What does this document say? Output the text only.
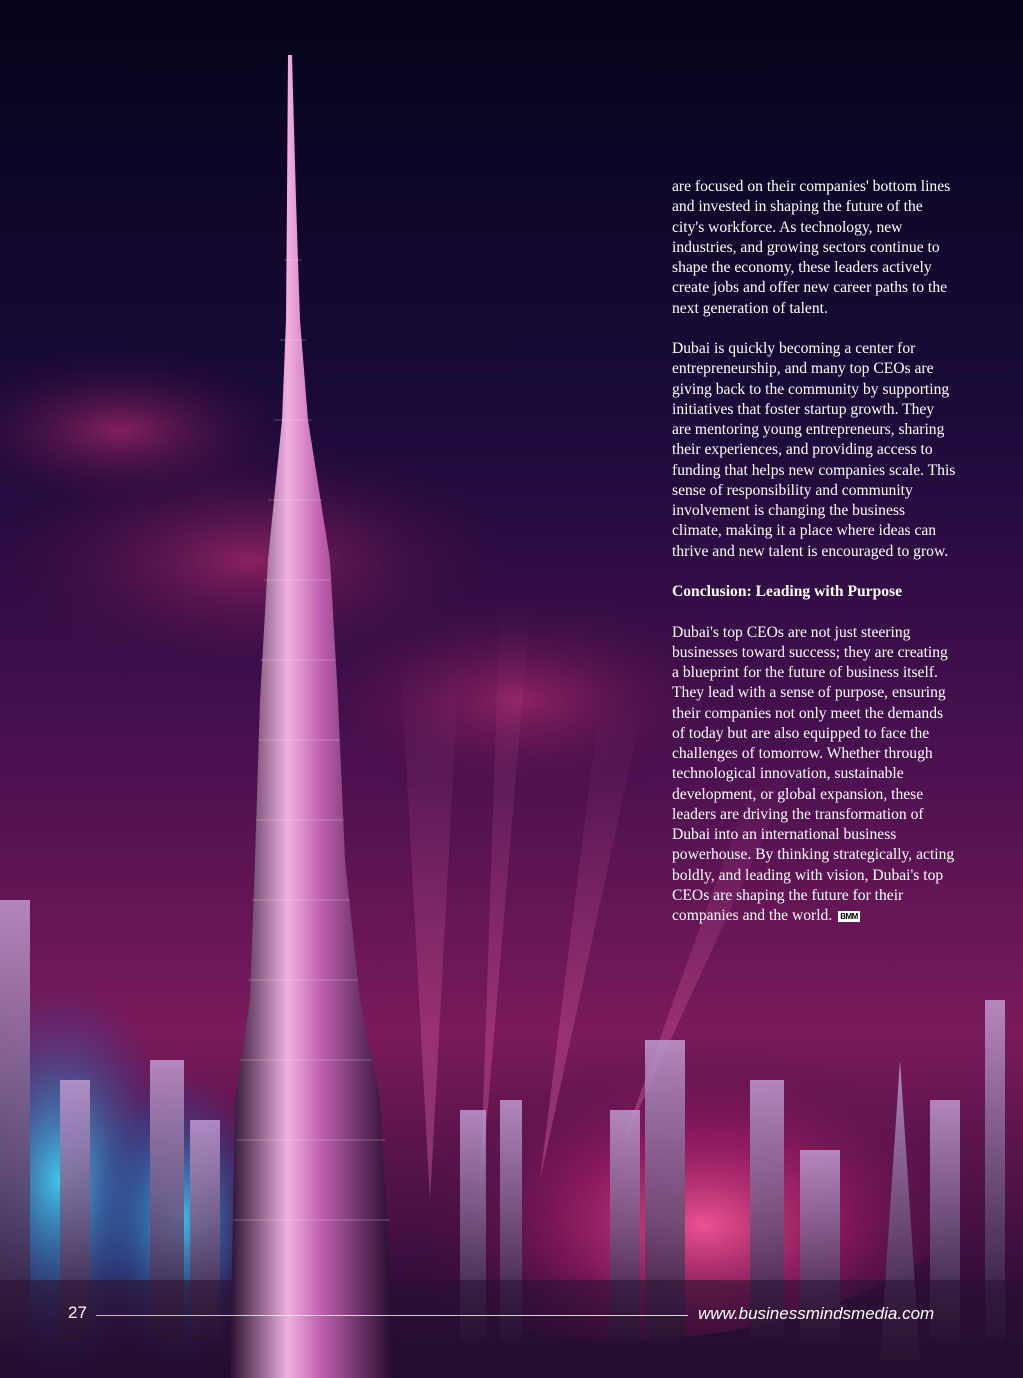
are focused on their companies' bottom lines and invested in shaping the future of the city's workforce. As technology, new industries, and growing sectors continue to shape the economy, these leaders actively create jobs and offer new career paths to the next generation of talent.

Dubai is quickly becoming a center for entrepreneurship, and many top CEOs are giving back to the community by supporting initiatives that foster startup growth. They are mentoring young entrepreneurs, sharing their experiences, and providing access to funding that helps new companies scale. This sense of responsibility and community involvement is changing the business climate, making it a place where ideas can thrive and new talent is encouraged to grow.

Conclusion: Leading with Purpose

Dubai's top CEOs are not just steering businesses toward success; they are creating a blueprint for the future of business itself. They lead with a sense of purpose, ensuring their companies not only meet the demands of today but are also equipped to face the challenges of tomorrow. Whether through technological innovation, sustainable development, or global expansion, these leaders are driving the transformation of Dubai into an international business powerhouse. By thinking strategically, acting boldly, and leading with vision, Dubai's top CEOs are shaping the future for their companies and the world. BMM

27	www.businessmindsmedia.com
